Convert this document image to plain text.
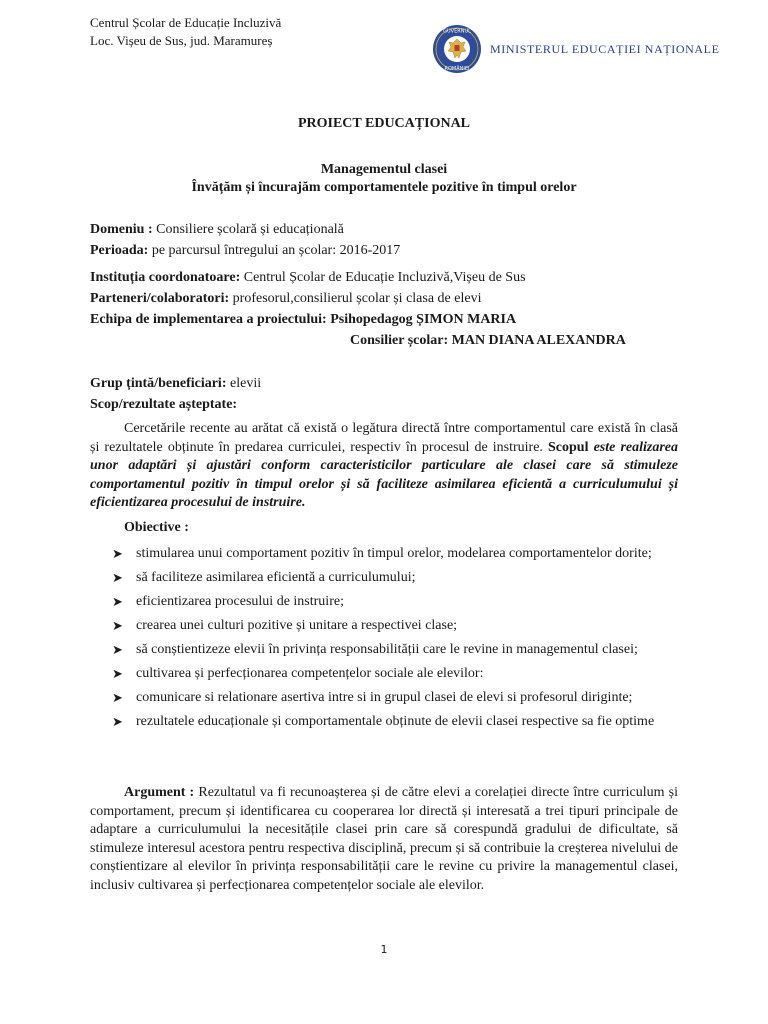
Centrul Școlar de Educație Incluzivă
Loc. Vișeu de Sus, jud. Maramureș
GUVERNUL
ROMÂNIEI
MINISTERUL EDUCAȚIEI NAȚIONALE
PROIECT EDUCAȚIONAL
Managementul clasei
Învățăm și încurajăm comportamentele pozitive în timpul orelor
Domeniu : Consiliere școlară și educațională
Perioada: pe parcursul întregului an școlar: 2016-2017
Instituția coordonatoare: Centrul Școlar de Educație Incluzivă,Vișeu de Sus
Parteneri/colaboratori: profesorul,consilierul școlar și clasa de elevi
Echipa de implementarea a proiectului: Psihopedagog ȘIMON MARIA
Consilier școlar: MAN DIANA ALEXANDRA
Grup țintă/beneficiari: elevii
Scop/rezultate așteptate:
Cercetările recente au arătat că există o legătura directă între comportamentul care există în clasă și rezultatele obținute în predarea curriculei, respectiv în procesul de instruire. Scopul este realizarea unor adaptări și ajustări conform caracteristicilor particulare ale clasei care să stimuleze comportamentul pozitiv în timpul orelor și să faciliteze asimilarea eficientă a curriculumului și eficientizarea procesului de instruire.
Obiective :
➤ stimularea unui comportament pozitiv în timpul orelor, modelarea comportamentelor dorite;
➤ să faciliteze asimilarea eficientă a curriculumului;
➤ eficientizarea procesului de instruire;
➤ crearea unei culturi pozitive și unitare a respectivei clase;
➤ să conștientizeze elevii în privința responsabilității care le revine in managementul clasei;
➤ cultivarea și perfecționarea competențelor sociale ale elevilor:
➤ comunicare si relationare asertiva intre si in grupul clasei de elevi si profesorul diriginte;
➤ rezultatele educaționale și comportamentale obținute de elevii clasei respective sa fie optime
Argument : Rezultatul va fi recunoașterea și de către elevi a corelației directe între curriculum și comportament, precum și identificarea cu cooperarea lor directă și interesată a trei tipuri principale de adaptare a curriculumului la necesitățile clasei prin care să corespundă gradului de dificultate, să stimuleze interesul acestora pentru respectiva disciplină, precum și să contribuie la creșterea nivelului de conștientizare al elevilor în privința responsabilității care le revine cu privire la managementul clasei, inclusiv cultivarea și perfecționarea competențelor sociale ale elevilor.
1
